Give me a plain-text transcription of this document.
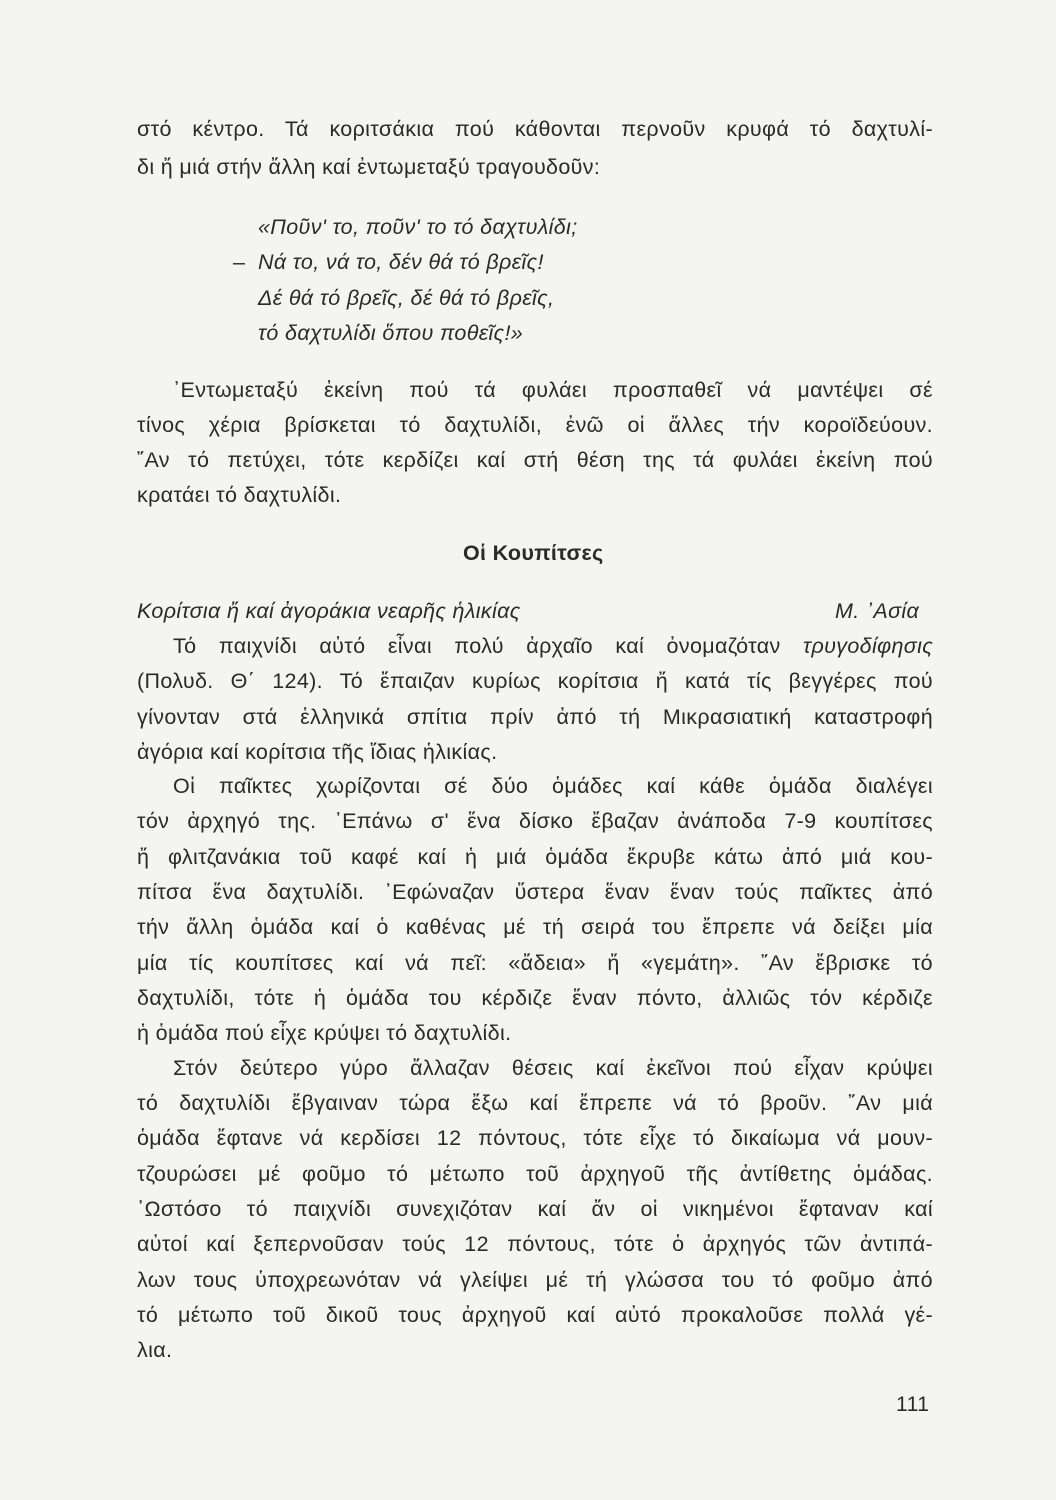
στό κέντρο. Τά κοριτσάκια πού κάθονται περνοῦν κρυφά τό δαχτυλί-
δι ἤ μιά στήν ἄλλη καί ἐντωμεταξύ τραγουδοῦν:
«Ποῦν' το, ποῦν' το τό δαχτυλίδι;
– Νά το, νά το, δέν θά τό βρεῖς!
Δέ θά τό βρεῖς, δέ θά τό βρεῖς,
τό δαχτυλίδι ὅπου ποθεῖς!»
᾽Εντωμεταξύ ἐκείνη πού τά φυλάει προσπαθεῖ νά μαντέψει σέ
τίνος χέρια βρίσκεται τό δαχτυλίδι, ἐνῶ οἱ ἄλλες τήν κοροϊδεύουν.
῎Αν τό πετύχει, τότε κερδίζει καί στή θέση της τά φυλάει ἐκείνη πού
κρατάει τό δαχτυλίδι.
Οἱ Κουπίτσες
Κορίτσια ἤ καί ἀγοράκια νεαρῆς ἡλικίας	Μ. ᾽Ασία
Τό παιχνίδι αὐτό εἶναι πολύ ἀρχαῖο καί ὀνομαζόταν τρυγοδίφησις
(Πολυδ. Θ΄ 124). Τό ἔπαιζαν κυρίως κορίτσια ἤ κατά τίς βεγγέρες πού
γίνονταν στά ἑλληνικά σπίτια πρίν ἀπό τή Μικρασιατική καταστροφή
ἀγόρια καί κορίτσια τῆς ἴδιας ἡλικίας.
Οἱ παῖκτες χωρίζονται σέ δύο ὁμάδες καί κάθε ὁμάδα διαλέγει
τόν ἀρχηγό της. ᾽Επάνω σ' ἕνα δίσκο ἔβαζαν ἀνάποδα 7-9 κουπίτσες
ἤ φλιτζανάκια τοῦ καφέ καί ἡ μιά ὁμάδα ἔκρυβε κάτω ἀπό μιά κου-
πίτσα ἕνα δαχτυλίδι. ᾽Εφώναζαν ὕστερα ἕναν ἕναν τούς παῖκτες ἀπό
τήν ἄλλη ὁμάδα καί ὁ καθένας μέ τή σειρά του ἔπρεπε νά δείξει μία
μία τίς κουπίτσες καί νά πεῖ: «ἄδεια» ἤ «γεμάτη». ῎Αν ἔβρισκε τό
δαχτυλίδι, τότε ἡ ὁμάδα του κέρδιζε ἕναν πόντο, ἀλλιῶς τόν κέρδιζε
ἡ ὁμάδα πού εἶχε κρύψει τό δαχτυλίδι.
Στόν δεύτερο γύρο ἄλλαζαν θέσεις καί ἐκεῖνοι πού εἶχαν κρύψει
τό δαχτυλίδι ἔβγαιναν τώρα ἔξω καί ἔπρεπε νά τό βροῦν. ῎Αν μιά
ὁμάδα ἔφτανε νά κερδίσει 12 πόντους, τότε εἶχε τό δικαίωμα νά μουν-
τζουρώσει μέ φοῦμο τό μέτωπο τοῦ ἀρχηγοῦ τῆς ἀντίθετης ὁμάδας.
᾽Ωστόσο τό παιχνίδι συνεχιζόταν καί ἄν οἱ νικημένοι ἔφταναν καί
αὐτοί καί ξεπερνοῦσαν τούς 12 πόντους, τότε ὁ ἀρχηγός τῶν ἀντιπά-
λων τους ὑποχρεωνόταν νά γλείψει μέ τή γλώσσα του τό φοῦμο ἀπό
τό μέτωπο τοῦ δικοῦ τους ἀρχηγοῦ καί αὐτό προκαλοῦσε πολλά γέ-
λια.
111
